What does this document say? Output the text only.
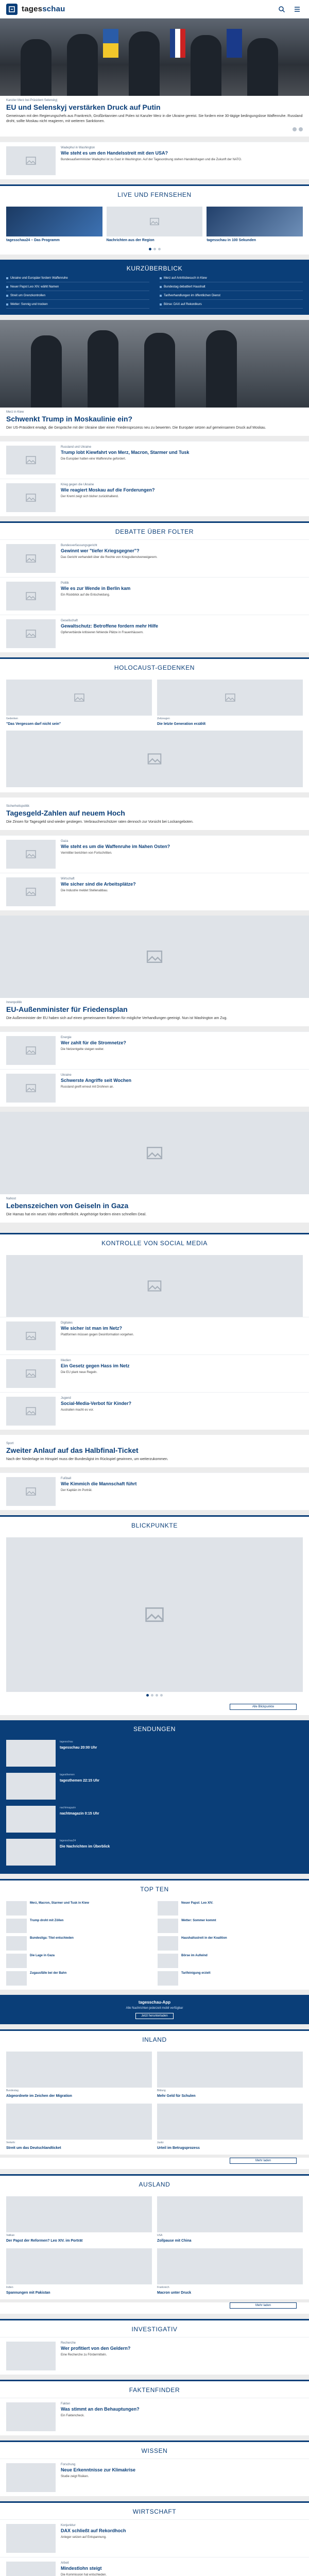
tagesschau
Kanzler Merz bei Präsident Selenskyj
EU und Selenskyj verstärken Druck auf Putin
Gemeinsam mit den Regierungschefs aus Frankreich, Großbritannien und Polen ist Kanzler Merz in die Ukraine gereist. Sie fordern eine 30-tägige bedingungslose Waffenruhe. Russland droht, sollte Moskau nicht reagieren, mit weiteren Sanktionen.
Wadephul in Washington
Wie steht es um den Handelsstreit mit den USA?
Bundesaußenminister Wadephul ist zu Gast in Washington. Auf der Tagesordnung stehen Handelsfragen und die Zukunft der NATO.
LIVE UND FERNSEHEN
tagesschau24 – Das Programm	Nachrichten aus der Region	tagesschau in 100 Sekunden
KURZÜBERBLICK
Ukraine und Europäer fordern Waffenruhe	Merz auf Antrittsbesuch in Kiew
Neuer Papst Leo XIV. wählt Namen	Bundestag debattiert Haushalt
Streit um Grenzkontrollen	Tarifverhandlungen im öffentlichen Dienst
Wetter: Sonnig und trocken	Börse: DAX auf Rekordkurs
Merz in Kiew
Schwenkt Trump in Moskaulinie ein?
Der US-Präsident erwägt, die Gespräche mit der Ukraine über einen Friedensprozess neu zu bewerten. Die Europäer setzen auf gemeinsamen Druck auf Moskau.
Russland und Ukraine
Trump lobt Kiewfahrt von Merz, Macron, Starmer und Tusk
Die Europäer hatten eine Waffenruhe gefordert.
Krieg gegen die Ukraine
Wie reagiert Moskau auf die Forderungen?
Der Kreml zeigt sich bisher zurückhaltend.
DEBATTE ÜBER FOLTER
Bundesverfassungsgericht
Gewinnt wer "tiefer Kriegsgegner"?
Das Gericht verhandelt über die Rechte von Kriegsdienstverweigerern.
Politik
Wie es zur Wende in Berlin kam
Ein Rückblick auf die Entscheidung.
Gesellschaft
Gewaltschutz: Betroffene fordern mehr Hilfe
Opferverbände kritisieren fehlende Plätze in Frauenhäusern.
HOLOCAUST-GEDENKEN
Gedenken
"Das Vergessen darf nicht sein"
Zeitzeugen
Die letzte Generation erzählt
Sicherheitspolitik
Tagesgeld-Zahlen auf neuem Hoch
Die Zinsen für Tagesgeld sind wieder gestiegen. Verbraucherschützer raten dennoch zur Vorsicht bei Lockangeboten.
Gaza
Wie steht es um die Waffenruhe im Nahen Osten?
Vermittler berichten von Fortschritten.
Wirtschaft
Wie sicher sind die Arbeitsplätze?
Die Industrie meldet Stellenabbau.
Innenpolitik
EU-Außenminister für Friedensplan
Die Außenminister der EU haben sich auf einen gemeinsamen Rahmen für mögliche Verhandlungen geeinigt. Nun ist Washington am Zug.
Energie
Wer zahlt für die Stromnetze?
Die Netzentgelte steigen weiter.
Ukraine
Schwerste Angriffe seit Wochen
Russland greift erneut mit Drohnen an.
Nahost
Lebenszeichen von Geiseln in Gaza
Die Hamas hat ein neues Video veröffentlicht. Angehörige fordern einen schnellen Deal.
KONTROLLE VON SOCIAL MEDIA
Digitales
Wie sicher ist man im Netz?
Plattformen müssen gegen Desinformation vorgehen.
Medien
Ein Gesetz gegen Hass im Netz
Die EU plant neue Regeln.
Jugend
Social-Media-Verbot für Kinder?
Australien macht es vor.
Sport
Zweiter Anlauf auf das Halbfinal-Ticket
Nach der Niederlage im Hinspiel muss der Bundesligist im Rückspiel gewinnen, um weiterzukommen.
Fußball
Wie Kimmich die Mannschaft führt
Der Kapitän im Porträt.
BLICKPUNKTE
Alle Blickpunkte
SENDUNGEN
tagesschau
tagesschau 20:00 Uhr
tagesthemen
tagesthemen 22:15 Uhr
nachtmagazin
nachtmagazin 0:15 Uhr
tagesschau24
Die Nachrichten im Überblick
TOP TEN
Merz, Macron, Starmer und Tusk in Kiew	Neuer Papst: Leo XIV.
Trump droht mit Zöllen	Wetter: Sommer kommt
Bundesliga: Titel entschieden	Haushaltsstreit in der Koalition
Die Lage in Gaza	Börse im Aufwind
Zugausfälle bei der Bahn	Tarifeinigung erzielt
tagesschau-App
Alle Nachrichten jederzeit mobil verfügbar
Jetzt herunterladen
INLAND
Bundestag
Abgeordnete im Zeichen der Migration
Bildung
Mehr Geld für Schulen
Verkehr
Streit um das Deutschlandticket
Justiz
Urteil im Betrugsprozess
Mehr laden
AUSLAND
Vatikan
Der Papst der Reformen? Leo XIV. im Porträt
USA
Zollpause mit China
Indien
Spannungen mit Pakistan
Frankreich
Macron unter Druck
Mehr laden
INVESTIGATIV
Recherche
Wer profitiert von den Geldern?
Eine Recherche zu Fördermitteln.
FAKTENFINDER
Fakten
Was stimmt an den Behauptungen?
Ein Faktencheck.
WISSEN
Forschung
Neue Erkenntnisse zur Klimakrise
Studie zeigt Risiken.
WIRTSCHAFT
Konjunktur
DAX schließt auf Rekordhoch
Anleger setzen auf Entspannung.
Arbeit
Mindestlohn steigt
Die Kommission hat entschieden.
